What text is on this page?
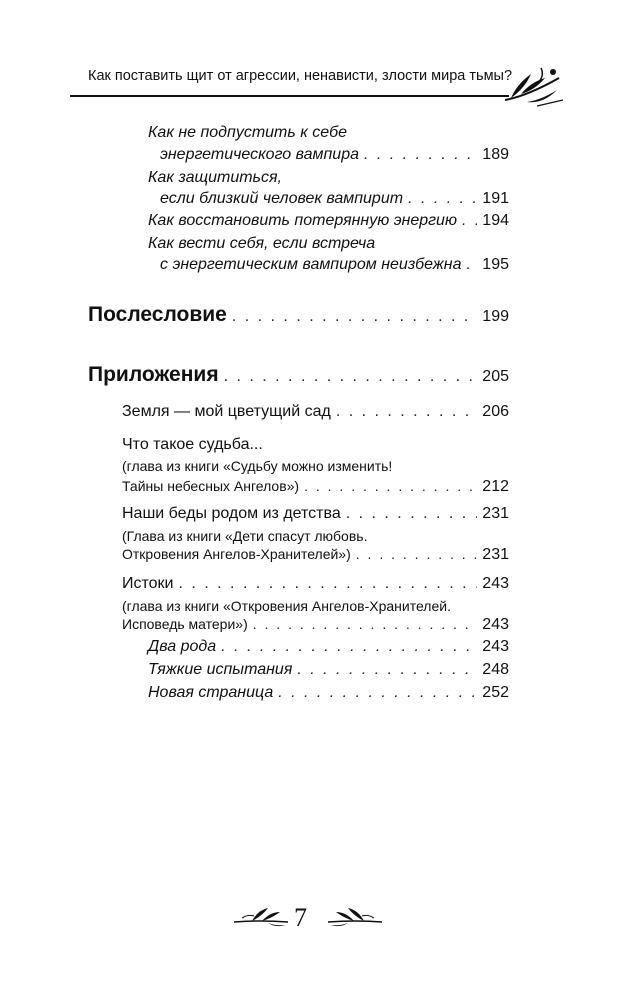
Как поставить щит от агрессии, ненависти, злости мира тьмы?
Как не подпустить к себе
энергетического вампира . . .	189
Как защититься,
если близкий человек вампирит . . .	191
Как восстановить потерянную энергию . . . 194
Как вести себя, если встреча
с энергетическим вампиром неизбежна . . . 195
Послесловие . . .	199
Приложения . . .	205
Земля — мой цветущий сад . . .	206
Что такое судьба...
(глава из книги «Судьбу можно изменить!
Тайны небесных Ангелов») . . .	212
Наши беды родом из детства . . .	231
(Глава из книги «Дети спасут любовь.
Откровения Ангелов-Хранителей») . . .	231
Истоки . . .	243
(глава из книги «Откровения Ангелов-Хранителей.
Исповедь матери») . . .	243
Два рода . . .	243
Тяжкие испытания . . .	248
Новая страница . . .	252
7
